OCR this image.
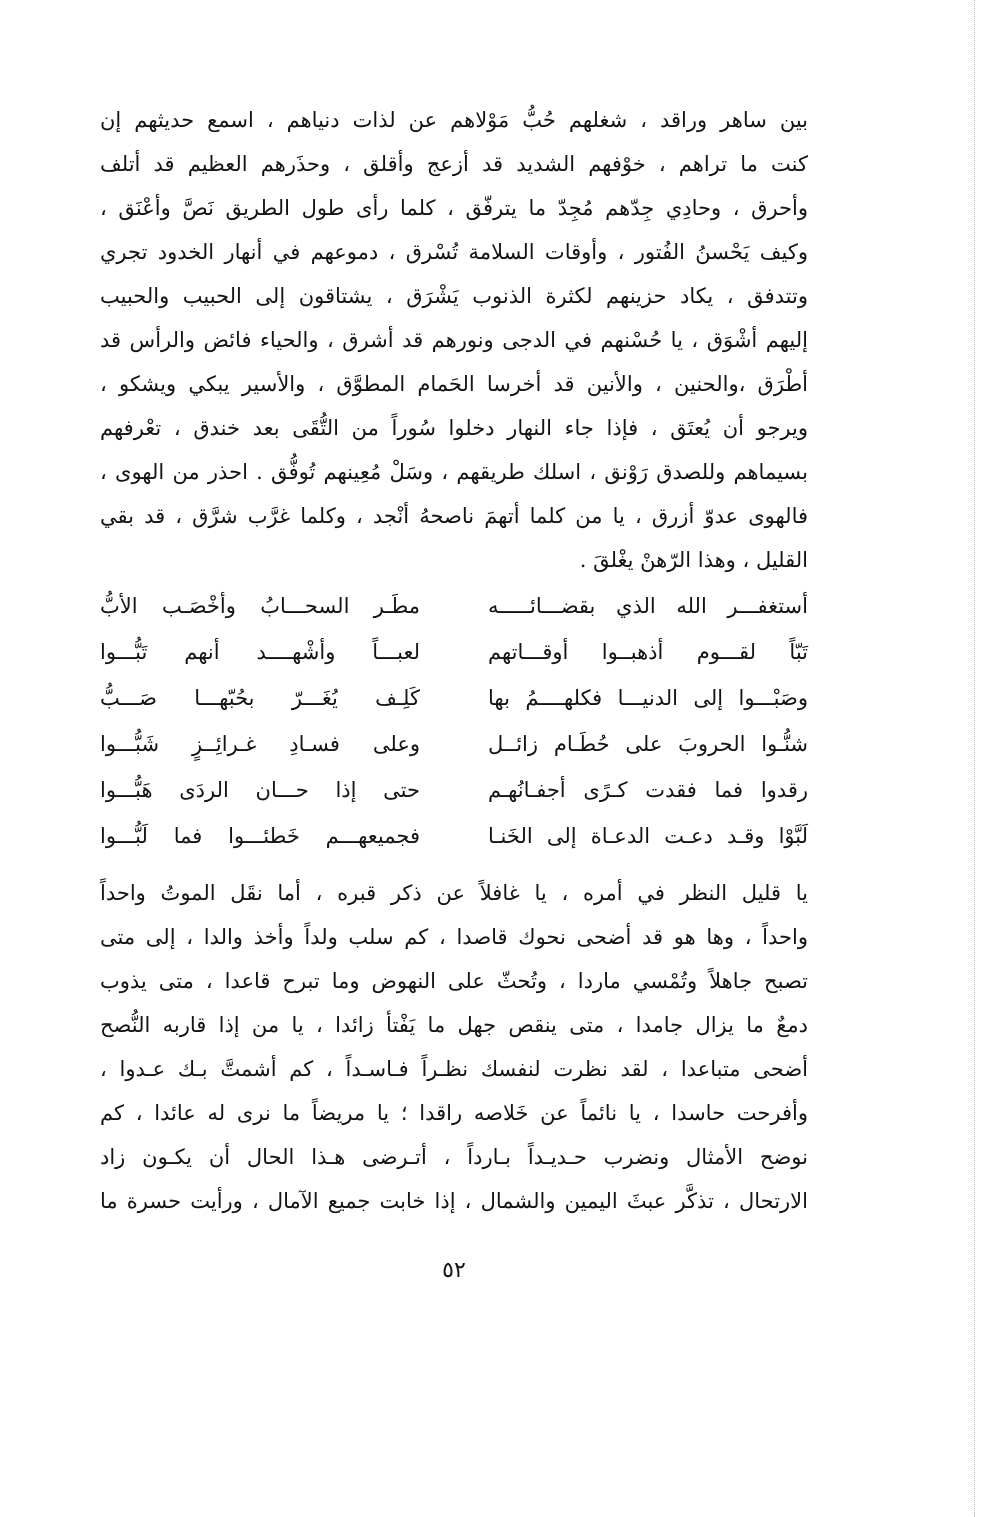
بين ساهر وراقد ، شغلهم حُبُّ مَوْلاهم عن لذات دنياهم ، اسمع حديثهم إن
كنت ما تراهم ، خوْفهم الشديد قد أزعج وأقلق ، وحذَرهم العظيم قد أتلف
وأحرق ، وحادِي جِدّهم مُجِدّ ما يترفّق ، كلما رأى طول الطريق نَصَّ وأعْنَق ،
وكيف يَحْسنُ الفُتور ، وأوقات السلامة تُسْرق ، دموعهم في أنهار الخدود تجري
وتتدفق ، يكاد حزينهم لكثرة الذنوب يَشْرَق ، يشتاقون إلى الحبيب والحبيب
إليهم أشْوَق ، يا حُسْنهم في الدجى ونورهم قد أشرق ، والحياء فائض والرأس قد
أطْرَق ،والحنين ، والأنين قد أخرسا الحَمام المطوَّق ، والأسير يبكي ويشكو ،
ويرجو أن يُعتَق ، فإذا جاء النهار دخلوا سُوراً من التُّقَى بعد خندق ، تعْرفهم
بسيماهم وللصدق رَوْنق ، اسلك طريقهم ، وسَلْ مُعِينهم تُوفُّق . احذر من الهوى ،
فالهوى عدوّ أزرق ، يا من كلما أتهمَ ناصحهُ أنْجد ، وكلما غرَّب شرَّق ، قد بقي
القليل ، وهذا الرّهنْ يغْلقَ .
أستغفـــر الله الذي بقضـــائـــــه
مطَـر السحـــابُ وأخْصَـب الأبُّ
تَبّاً لقـــوم أذهبــوا أوقـــاتهم
لعبـــاً وأشْهــــد أنهم تَبُّـــوا
وصَبْـــوا إلى الدنيـــا فكلهــــمُ بها
كَلِـف يُغَـــرّ بحُبّهـــا صَـــبُّ
شنُّـوا الحروبَ على حُطَـام زائــل
وعلى فسـادِ غـرائِــزٍ شَبُّـــوا
رقدوا فما فقدت كـرًى أجفـانُهـم
حتى إذا حـــان الردَى هَبُّـــوا
لَبَّوْا وقـد دعـت الدعـاة إلى الخَنـا
فجميعهـــم خَطئـــوا فما لَبُّـــوا
يا قليل النظر في أمره ، يا غافلاً عن ذكر قبره ، أما نقَل الموتُ واحداً
واحداً ، وها هو قد أضحى نحوك قاصدا ، كم سلب ولداً وأخذ والدا ، إلى متى
تصبح جاهلاً وتُمْسي ماردا ، وتُحثّ على النهوض وما تبرح قاعدا ، متى يذوب
دمعٌ ما يزال جامدا ، متى ينقص جهل ما يَفْتأ زائدا ، يا من إذا قاربه النُّصح
أضحى متباعدا ، لقد نظرت لنفسك نظـراً فـاسـداً ، كم أشمتَّ بـك عـدوا ،
وأفرحت حاسدا ، يا نائماً عن خَلاصه راقدا ؛ يا مريضاً ما نرى له عائدا ، كم
نوضح الأمثال ونضرب حـديـداً بـارداً ، أتـرضى هـذا الحال أن يكـون زاد
الارتحال ، تذكَّر عبثَ اليمين والشمال ، إذا خابت جميع الآمال ، ورأيت حسرة ما
٥٢
